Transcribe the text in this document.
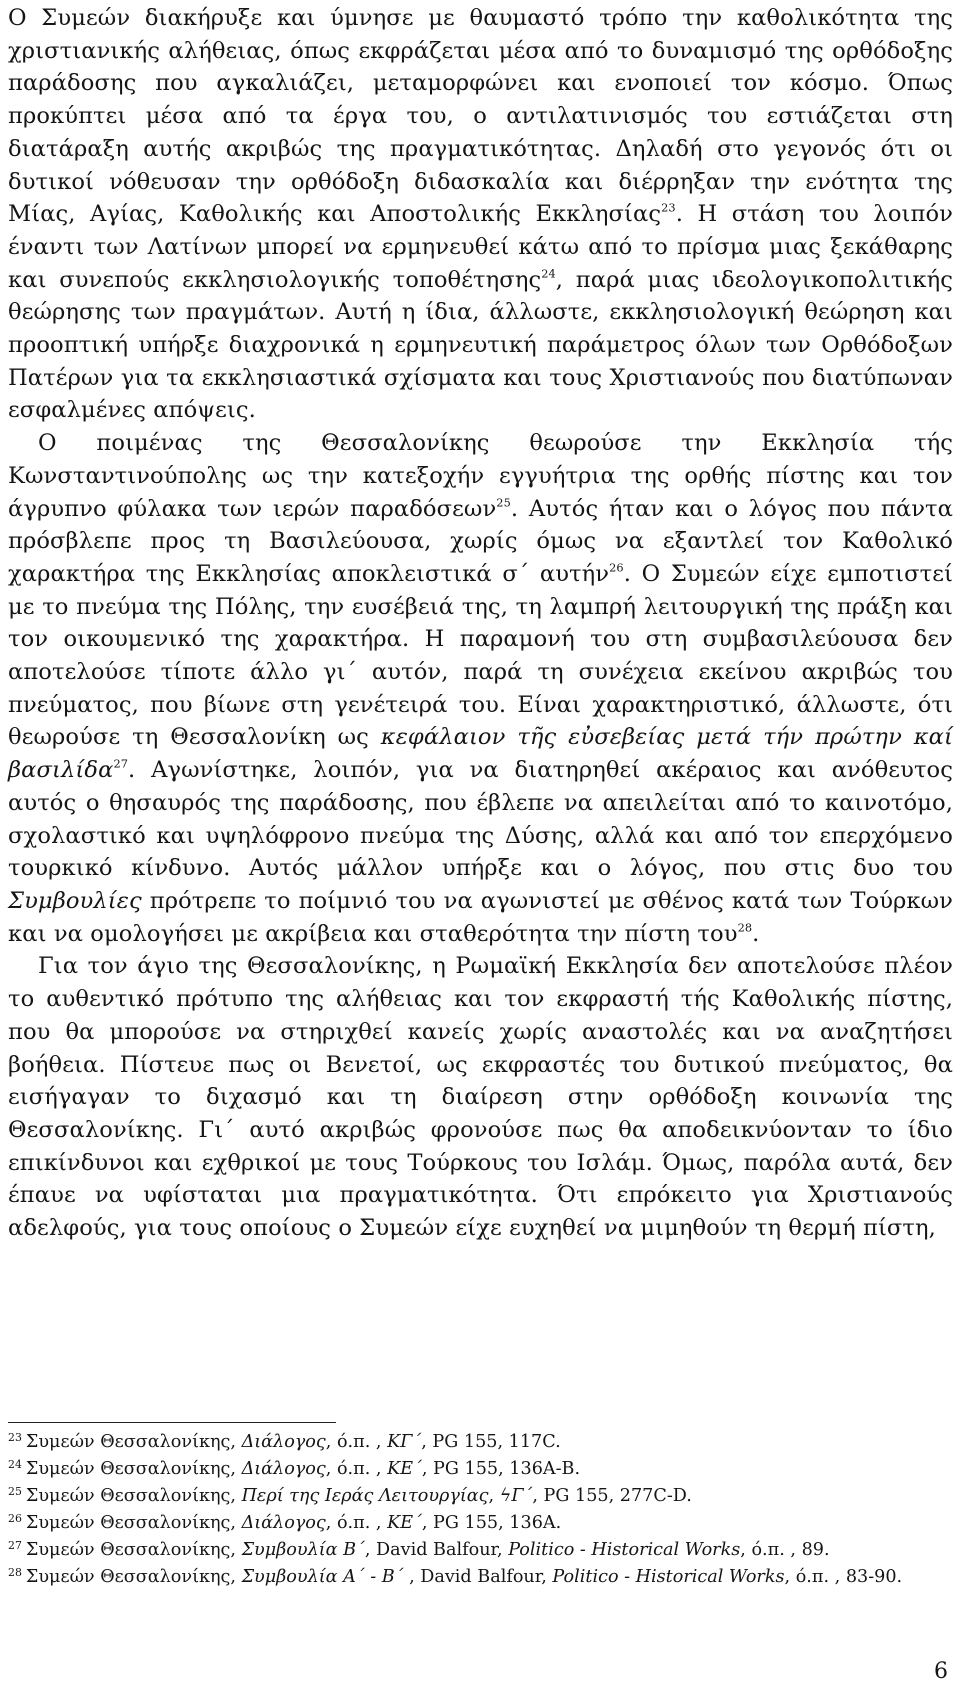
Ο Συμεών διακήρυξε και ύμνησε με θαυμαστό τρόπο την καθολικότητα της χριστιανικής αλήθειας, όπως εκφράζεται μέσα από το δυναμισμό της ορθόδοξης παράδοσης που αγκαλιάζει, μεταμορφώνει και ενοποιεί τον κόσμο. Όπως προκύπτει μέσα από τα έργα του, ο αντιλατινισμός του εστιάζεται στη διατάραξη αυτής ακριβώς της πραγματικότητας. Δηλαδή στο γεγονός ότι οι δυτικοί νόθευσαν την ορθόδοξη διδασκαλία και διέρρηξαν την ενότητα της Μίας, Αγίας, Καθολικής και Αποστολικής Εκκλησίας$^{23}$. Η στάση του λοιπόν έναντι των Λατίνων μπορεί να ερμηνευθεί κάτω από το πρίσμα μιας ξεκάθαρης και συνεπούς εκκλησιολογικής τοποθέτησης$^{24}$, παρά μιας ιδεολογικοπολιτικής θεώρησης των πραγμάτων. Αυτή η ίδια, άλλωστε, εκκλησιολογική θεώρηση και προοπτική υπήρξε διαχρονικά η ερμηνευτική παράμετρος όλων των Ορθόδοξων Πατέρων για τα εκκλησιαστικά σχίσματα και τους Χριστιανούς που διατύπωναν εσφαλμένες απόψεις.

Ο ποιμένας της Θεσσαλονίκης θεωρούσε την Εκκλησία τής Κωνσταντινούπολης ως την κατεξοχήν εγγυήτρια της ορθής πίστης και τον άγρυπνο φύλακα των ιερών παραδόσεων$^{25}$. Αυτός ήταν και ο λόγος που πάντα πρόσβλεπε προς τη Βασιλεύουσα, χωρίς όμως να εξαντλεί τον Καθολικό χαρακτήρα της Εκκλησίας αποκλειστικά σ΄ αυτήν$^{26}$. Ο Συμεών είχε εμποτιστεί με το πνεύμα της Πόλης, την ευσέβειά της, τη λαμπρή λειτουργική της πράξη και τον οικουμενικό της χαρακτήρα. Η παραμονή του στη συμβασιλεύουσα δεν αποτελούσε τίποτε άλλο γι΄ αυτόν, παρά τη συνέχεια εκείνου ακριβώς του πνεύματος, που βίωνε στη γενέτειρά του. Είναι χαρακτηριστικό, άλλωστε, ότι θεωρούσε τη Θεσσαλονίκη ως κεφάλαιον τῆς εὐσεβείας μετά τήν πρώτην καί βασιλίδα$^{27}$. Αγωνίστηκε, λοιπόν, για να διατηρηθεί ακέραιος και ανόθευτος αυτός ο θησαυρός της παράδοσης, που έβλεπε να απειλείται από το καινοτόμο, σχολαστικό και υψηλόφρονο πνεύμα της Δύσης, αλλά και από τον επερχόμενο τουρκικό κίνδυνο. Αυτός μάλλον υπήρξε και ο λόγος, που στις δυο του Συμβουλίες πρότρεπε το ποίμνιό του να αγωνιστεί με σθένος κατά των Τούρκων και να ομολογήσει με ακρίβεια και σταθερότητα την πίστη του$^{28}$.

Για τον άγιο της Θεσσαλονίκης, η Ρωμαϊκή Εκκλησία δεν αποτελούσε πλέον το αυθεντικό πρότυπο της αλήθειας και τον εκφραστή τής Καθολικής πίστης, που θα μπορούσε να στηριχθεί κανείς χωρίς αναστολές και να αναζητήσει βοήθεια. Πίστευε πως οι Βενετοί, ως εκφραστές του δυτικού πνεύματος, θα εισήγαγαν το διχασμό και τη διαίρεση στην ορθόδοξη κοινωνία της Θεσσαλονίκης. Γι΄ αυτό ακριβώς φρονούσε πως θα αποδεικνύονταν το ίδιο επικίνδυνοι και εχθρικοί με τους Τούρκους του Ισλάμ. Όμως, παρόλα αυτά, δεν έπαυε να υφίσταται μια πραγματικότητα. Ότι επρόκειτο για Χριστιανούς αδελφούς, για τους οποίους ο Συμεών είχε ευχηθεί να μιμηθούν τη θερμή πίστη,

$^{23}$ Συμεών Θεσσαλονίκης, Διάλογος, ό.π. , ΚΓ΄, PG 155, 117C.

$^{24}$ Συμεών Θεσσαλονίκης, Διάλογος, ό.π. , ΚΕ΄, PG 155, 136Α-Β.

$^{25}$ Συμεών Θεσσαλονίκης, Περί της Ιεράς Λειτουργίας, ϟΓ΄, PG 155, 277C-D.

$^{26}$ Συμεών Θεσσαλονίκης, Διάλογος, ό.π. , ΚΕ΄, PG 155, 136A.

$^{27}$ Συμεών Θεσσαλονίκης, Συμβουλία Β΄, David Balfour, Politico - Historical Works, ό.π. , 89.

$^{28}$ Συμεών Θεσσαλονίκης, Συμβουλία Α΄ - Β΄ , David Balfour, Politico - Historical Works, ό.π. , 83-90.

6
